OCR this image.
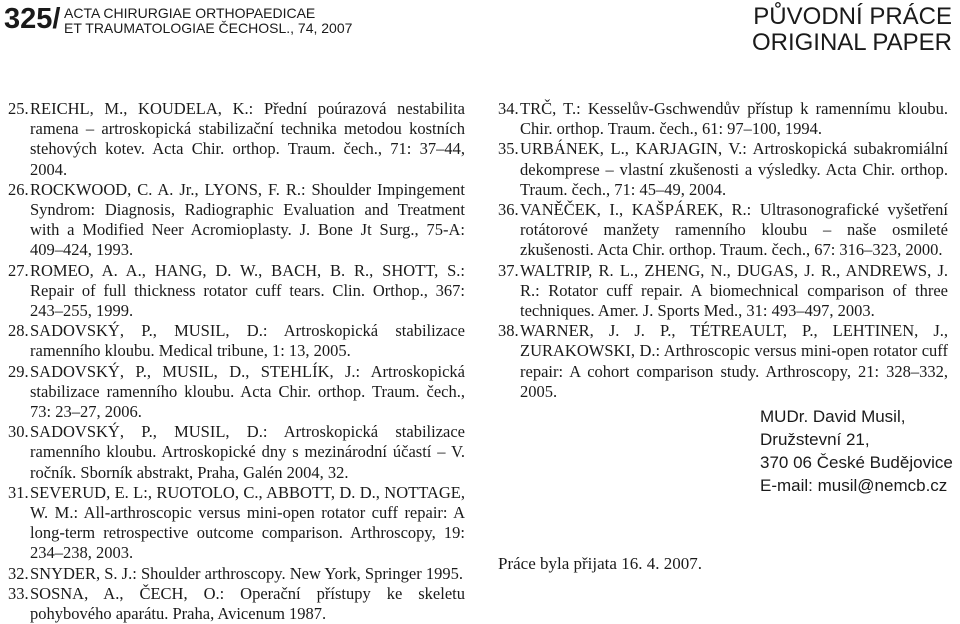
325/ ACTA CHIRURGIAE ORTHOPAEDICAE
ET TRAUMATOLOGIAE ČECHOSL., 74, 2007	PŮVODNÍ PRÁCE
ORIGINAL PAPER
25. REICHL, M., KOUDELA, K.: Přední poúrazová nestabilita ramena – artroskopická stabilizační technika metodou kostních stehových kotev. Acta Chir. orthop. Traum. čech., 71: 37–44, 2004.
26. ROCKWOOD, C. A. Jr., LYONS, F. R.: Shoulder Impingement Syndrom: Diagnosis, Radiographic Evaluation and Treatment with a Modified Neer Acromioplasty. J. Bone Jt Surg., 75-A: 409–424, 1993.
27. ROMEO, A. A., HANG, D. W., BACH, B. R., SHOTT, S.: Repair of full thickness rotator cuff tears. Clin. Orthop., 367: 243–255, 1999.
28. SADOVSKÝ, P., MUSIL, D.: Artroskopická stabilizace ramenního kloubu. Medical tribune, 1: 13, 2005.
29. SADOVSKÝ, P., MUSIL, D., STEHLÍK, J.: Artroskopická stabilizace ramenního kloubu. Acta Chir. orthop. Traum. čech., 73: 23–27, 2006.
30. SADOVSKÝ, P., MUSIL, D.: Artroskopická stabilizace ramenního kloubu. Artroskopické dny s mezinárodní účastí – V. ročník. Sborník abstrakt, Praha, Galén 2004, 32.
31. SEVERUD, E. L:, RUOTOLO, C., ABBOTT, D. D., NOTTAGE, W. M.: All-arthroscopic versus mini-open rotator cuff repair: A long-term retrospective outcome comparison. Arthroscopy, 19: 234–238, 2003.
32. SNYDER, S. J.: Shoulder arthroscopy. New York, Springer 1995.
33. SOSNA, A., ČECH, O.: Operační přístupy ke skeletu pohybového aparátu. Praha, Avicenum 1987.
34. TRČ, T.: Kesselův-Gschwendův přístup k ramennímu kloubu. Chir. orthop. Traum. čech., 61: 97–100, 1994.
35. URBÁNEK, L., KARJAGIN, V.: Artroskopická subakromiální dekomprese – vlastní zkušenosti a výsledky. Acta Chir. orthop. Traum. čech., 71: 45–49, 2004.
36. VANĚČEK, I., KAŠPÁREK, R.: Ultrasonografické vyšetření rotátorové manžety ramenního kloubu – naše osmileté zkušenosti. Acta Chir. orthop. Traum. čech., 67: 316–323, 2000.
37. WALTRIP, R. L., ZHENG, N., DUGAS, J. R., ANDREWS, J. R.: Rotator cuff repair. A biomechnical comparison of three techniques. Amer. J. Sports Med., 31: 493–497, 2003.
38. WARNER, J. J. P., TÉTREAULT, P., LEHTINEN, J., ZURAKOWSKI, D.: Arthroscopic versus mini-open rotator cuff repair: A cohort comparison study. Arthroscopy, 21: 328–332, 2005.
MUDr. David Musil,
Družstevní 21,
370 06 České Budějovice
E-mail: musil@nemcb.cz
Práce byla přijata 16. 4. 2007.
